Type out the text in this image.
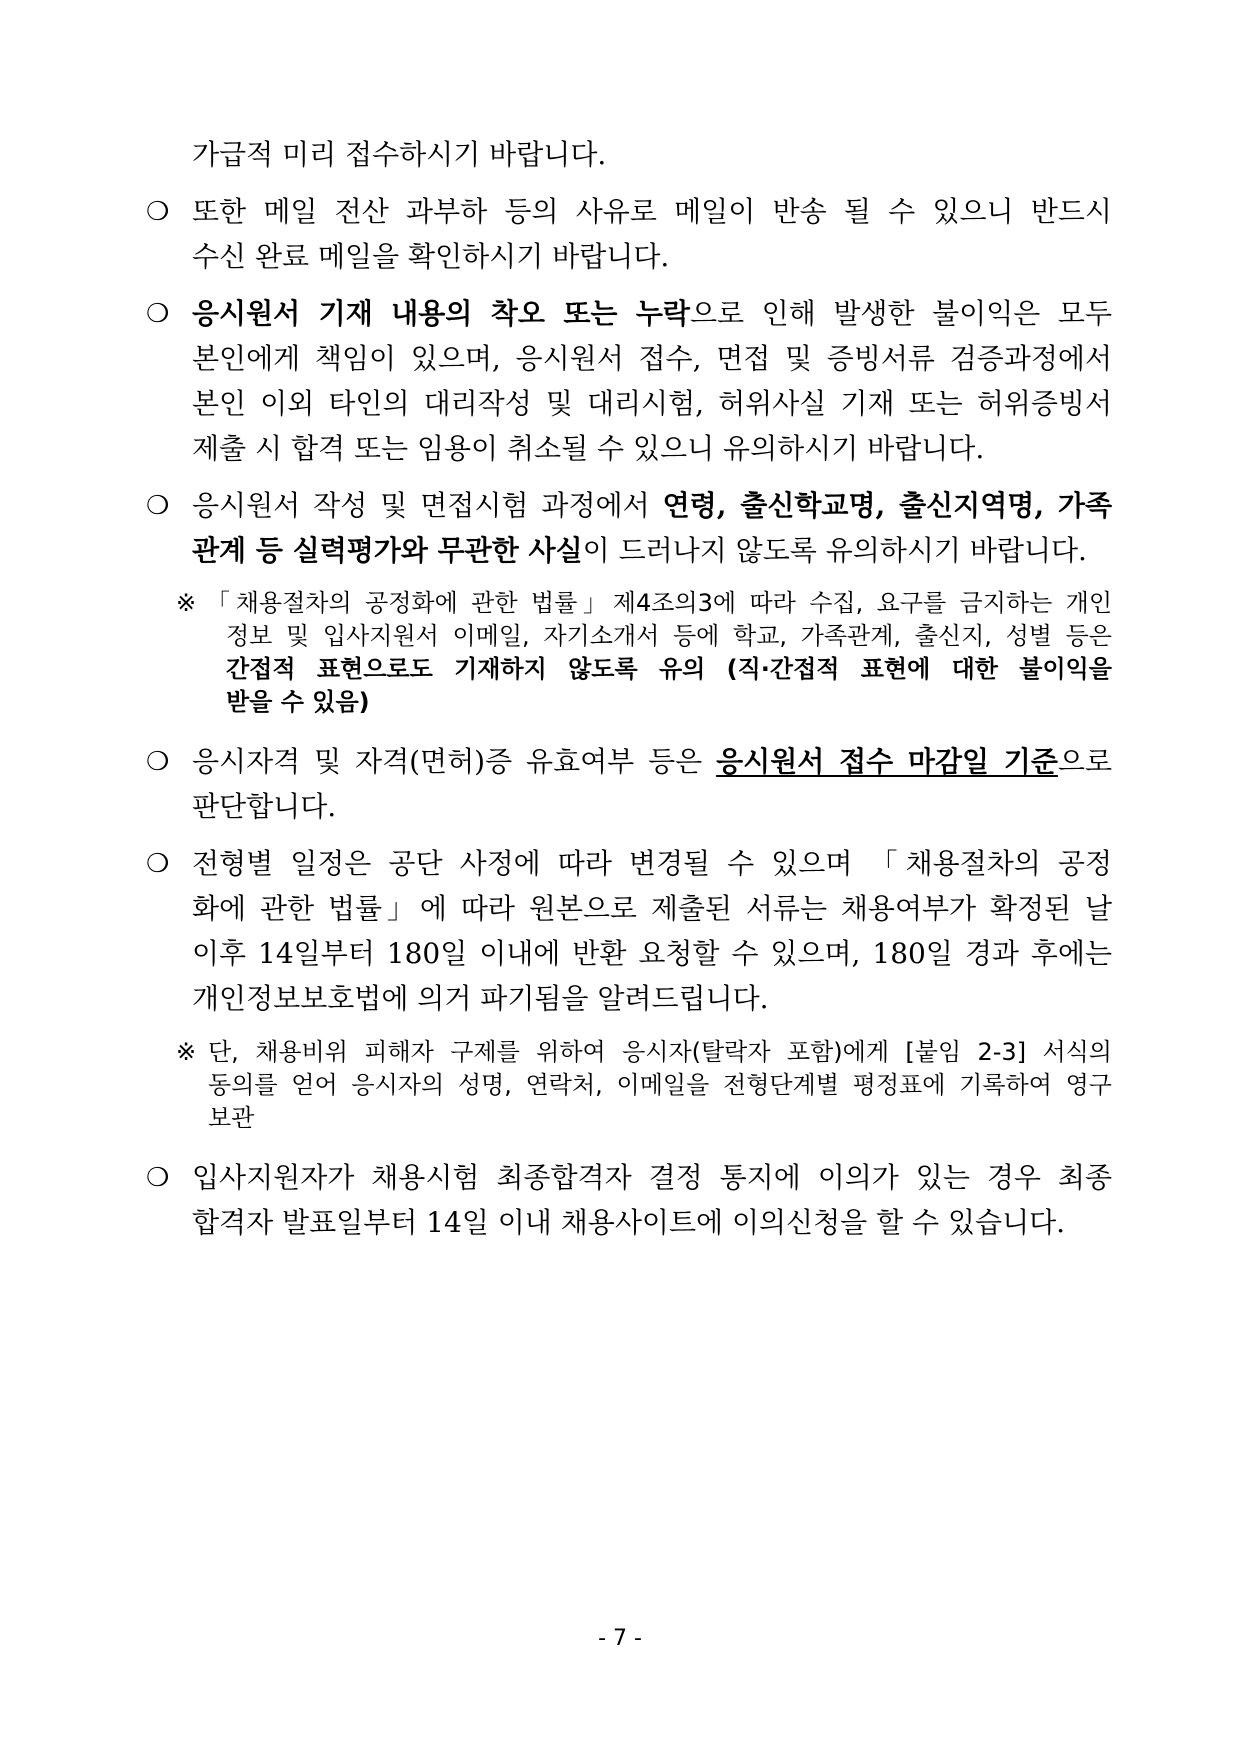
가급적 미리 접수하시기 바랍니다.
❍ 또한 메일 전산 과부하 등의 사유로 메일이 반송 될 수 있으니 반드시
수신 완료 메일을 확인하시기 바랍니다.
❍ 응시원서 기재 내용의 착오 또는 누락으로 인해 발생한 불이익은 모두
본인에게 책임이 있으며, 응시원서 접수, 면접 및 증빙서류 검증과정에서
본인 이외 타인의 대리작성 및 대리시험, 허위사실 기재 또는 허위증빙서
제출 시 합격 또는 임용이 취소될 수 있으니 유의하시기 바랍니다.
❍ 응시원서 작성 및 면접시험 과정에서 연령, 출신학교명, 출신지역명, 가족
관계 등 실력평가와 무관한 사실이 드러나지 않도록 유의하시기 바랍니다.
※ 「채용절차의 공정화에 관한 법률」제4조의3에 따라 수집, 요구를 금지하는 개인
정보 및 입사지원서 이메일, 자기소개서 등에 학교, 가족관계, 출신지, 성별 등은
간접적 표현으로도 기재하지 않도록 유의 (직·간접적 표현에 대한 불이익을
받을 수 있음)
❍ 응시자격 및 자격(면허)증 유효여부 등은 응시원서 접수 마감일 기준으로
판단합니다.
❍ 전형별 일정은 공단 사정에 따라 변경될 수 있으며 「채용절차의 공정
화에 관한 법률」에 따라 원본으로 제출된 서류는 채용여부가 확정된 날
이후 14일부터 180일 이내에 반환 요청할 수 있으며, 180일 경과 후에는
개인정보보호법에 의거 파기됨을 알려드립니다.
※ 단, 채용비위 피해자 구제를 위하여 응시자(탈락자 포함)에게 [붙임 2-3] 서식의
동의를 얻어 응시자의 성명, 연락처, 이메일을 전형단계별 평정표에 기록하여 영구
보관
❍ 입사지원자가 채용시험 최종합격자 결정 통지에 이의가 있는 경우 최종
합격자 발표일부터 14일 이내 채용사이트에 이의신청을 할 수 있습니다.
- 7 -
